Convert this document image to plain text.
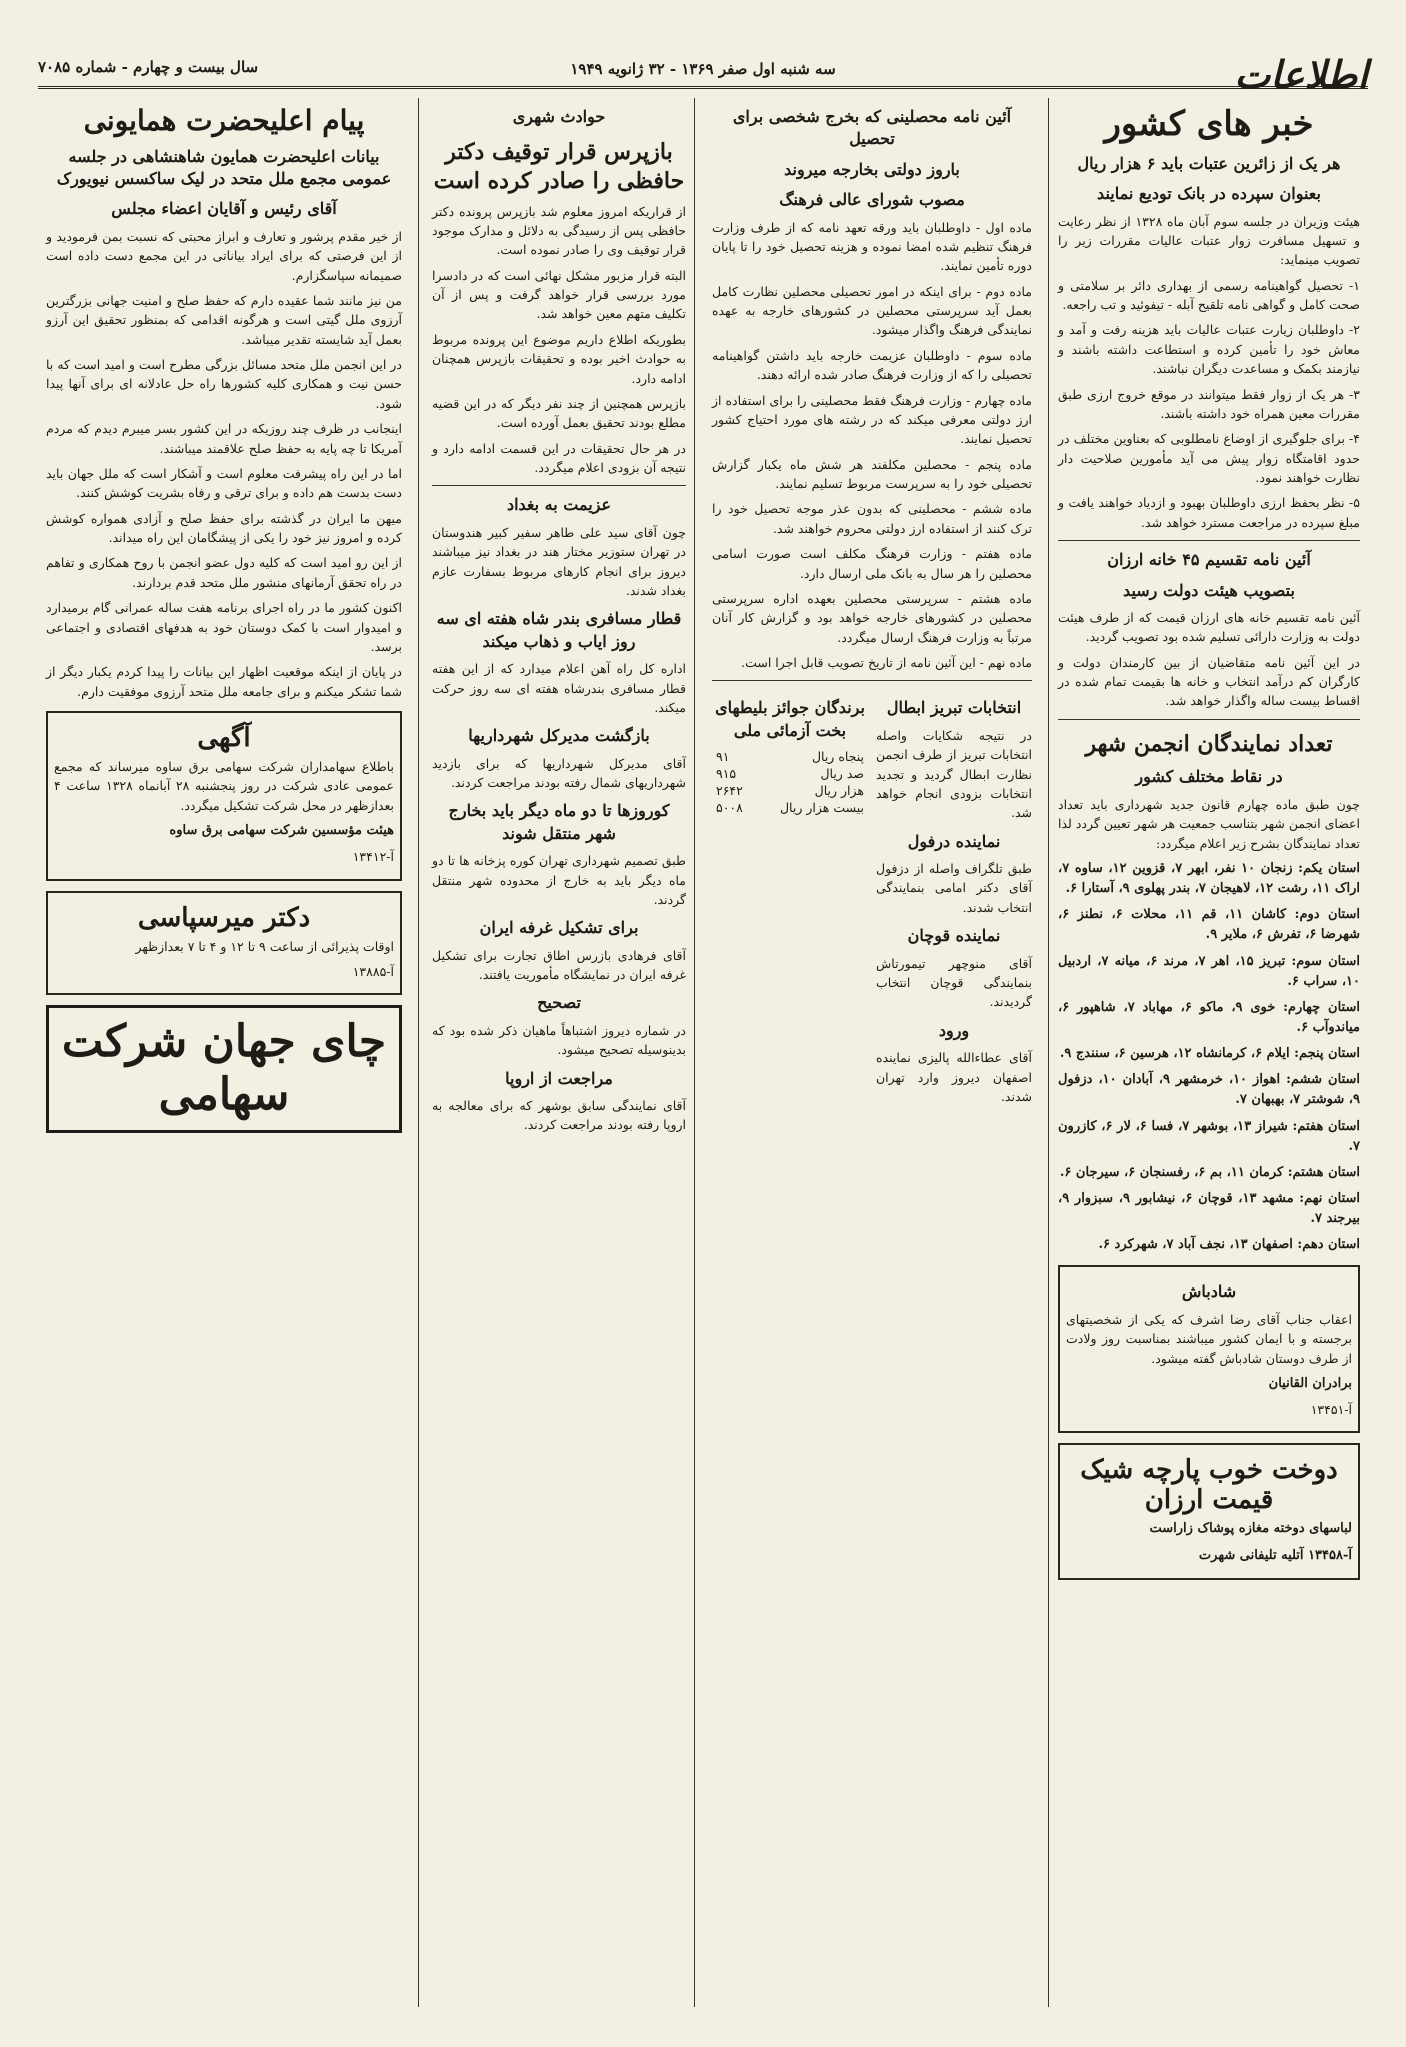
اطلاعات
سه شنبه اول صفر ۱۳۶۹ - ۳۲ ژانویه ۱۹۴۹
سال بیست و چهارم - شماره ۷۰۸۵
خبر های کشور
هر یک از زائرین عتبات باید ۶ هزار ریال
بعنوان سپرده در بانک تودیع نمایند

هیئت وزیران در جلسه سوم آبان ماه ۱۳۲۸ از نظر رعایت و تسهیل مسافرت زوار عتبات عالیات مقررات زیر را تصویب مینماید:

۱- تحصیل گواهینامه رسمی از بهداری دائر بر سلامتی و صحت کامل و گواهی نامه تلقیح آبله - تیفوئید و تب راجعه.

۲- داوطلبان زیارت عتبات عالیات باید هزینه رفت و آمد و معاش خود را تأمین کرده و استطاعت داشته باشند و نیازمند بکمک و مساعدت دیگران نباشند.

۳- هر یک از زوار فقط میتوانند در موقع خروج ارزی طبق مقررات معین همراه خود داشته باشند.

۴- برای جلوگیری از اوضاع نامطلوبی که بعناوین مختلف در حدود اقامتگاه زوار پیش می آید مأمورین صلاحیت دار نظارت خواهند نمود.

۵- نظر بحفظ ارزی داوطلبان بهبود و ازدیاد خواهند یافت و مبلغ سپرده در مراجعت مسترد خواهد شد.

آئین نامه تقسیم ۴۵ خانه ارزان
بتصویب هیئت دولت رسید

آئین نامه تقسیم خانه های ارزان قیمت که از طرف هیئت دولت به وزارت دارائی تسلیم شده بود تصویب گردید.

در این آئین نامه متقاضیان از بین کارمندان دولت و کارگران کم درآمد انتخاب و خانه ها بقیمت تمام شده در اقساط بیست ساله واگذار خواهد شد.

تعداد نمایندگان انجمن شهر
در نقاط مختلف کشور

چون طبق ماده چهارم قانون جدید شهرداری باید تعداد اعضای انجمن شهر بتناسب جمعیت هر شهر تعیین گردد لذا تعداد نمایندگان بشرح زیر اعلام میگردد:

استان یکم: زنجان ۱۰ نفر، ابهر ۷، قزوین ۱۲، ساوه ۷، اراک ۱۱، رشت ۱۲، لاهیجان ۷، بندر پهلوی ۹، آستارا ۶.

استان دوم: کاشان ۱۱، قم ۱۱، محلات ۶، نطنز ۶، شهرضا ۶، تفرش ۶، ملایر ۹.

استان سوم: تبریز ۱۵، اهر ۷، مرند ۶، میانه ۷، اردبیل ۱۰، سراب ۶.

استان چهارم: خوی ۹، ماکو ۶، مهاباد ۷، شاهپور ۶، میاندوآب ۶.

استان پنجم: ایلام ۶، کرمانشاه ۱۲، هرسین ۶، سنندج ۹.

استان ششم: اهواز ۱۰، خرمشهر ۹، آبادان ۱۰، دزفول ۹، شوشتر ۷، بهبهان ۷.

استان هفتم: شیراز ۱۳، بوشهر ۷، فسا ۶، لار ۶، کازرون ۷.

استان هشتم: کرمان ۱۱، بم ۶، رفسنجان ۶، سیرجان ۶.

استان نهم: مشهد ۱۳، قوچان ۶، نیشابور ۹، سبزوار ۹، بیرجند ۷.

استان دهم: اصفهان ۱۳، نجف آباد ۷، شهرکرد ۶.

شادباش

اعقاب جناب آقای رضا اشرف که یکی از شخصیتهای برجسته و با ایمان کشور میباشند بمناسبت روز ولادت از طرف دوستان شادباش گفته میشود.

برادران القانیان

آ-۱۳۴۵۱

دوخت خوب پارچه شیک قیمت ارزان

لباسهای دوخته مغازه پوشاک زاراست

آ-۱۳۴۵۸ آتلیه تلیفانی شهرت

آئین نامه محصلینی که بخرج شخصی برای تحصیل
باروز دولتی بخارجه میروند
مصوب شورای عالی فرهنگ

ماده اول - داوطلبان باید ورقه تعهد نامه که از طرف وزارت فرهنگ تنظیم شده امضا نموده و هزینه تحصیل خود را تا پایان دوره تأمین نمایند.

ماده دوم - برای اینکه در امور تحصیلی محصلین نظارت کامل بعمل آید سرپرستی محصلین در کشورهای خارجه به عهده نمایندگی فرهنگ واگذار میشود.

ماده سوم - داوطلبان عزیمت خارجه باید داشتن گواهینامه تحصیلی را که از وزارت فرهنگ صادر شده ارائه دهند.

ماده چهارم - وزارت فرهنگ فقط محصلینی را برای استفاده از ارز دولتی معرفی میکند که در رشته های مورد احتیاج کشور تحصیل نمایند.

ماده پنجم - محصلین مکلفند هر شش ماه یکبار گزارش تحصیلی خود را به سرپرست مربوط تسلیم نمایند.

ماده ششم - محصلینی که بدون عذر موجه تحصیل خود را ترک کنند از استفاده ارز دولتی محروم خواهند شد.

ماده هفتم - وزارت فرهنگ مکلف است صورت اسامی محصلین را هر سال به بانک ملی ارسال دارد.

ماده هشتم - سرپرستی محصلین بعهده اداره سرپرستی محصلین در کشورهای خارجه خواهد بود و گزارش کار آنان مرتباً به وزارت فرهنگ ارسال میگردد.

ماده نهم - این آئین نامه از تاریخ تصویب قابل اجرا است.

انتخابات تبریز ابطال

در نتیجه شکایات واصله انتخابات تبریز از طرف انجمن نظارت ابطال گردید و تجدید انتخابات بزودی انجام خواهد شد.

نماینده درفول

طبق تلگراف واصله از دزفول آقای دکتر امامی بنمایندگی انتخاب شدند.

نماینده قوچان

آقای منوچهر تیمورتاش بنمایندگی قوچان انتخاب گردیدند.

ورود

آقای عطاءالله پالیزی نماینده اصفهان دیروز وارد تهران شدند.

برندگان جوائز بلیطهای بخت آزمائی ملی
پنجاه ریال
۹۱
صد ریال
۹۱۵
هزار ریال
۲۶۴۲
بیست هزار ریال
۵۰۰۸
حوادث شهری
بازپرس قرار توقیف دکتر حافظی را صادر کرده است

از قراریکه امروز معلوم شد بازپرس پرونده دکتر حافظی پس از رسیدگی به دلائل و مدارک موجود قرار توقیف وی را صادر نموده است.

البته قرار مزبور مشکل نهائی است که در دادسرا مورد بررسی قرار خواهد گرفت و پس از آن تکلیف متهم معین خواهد شد.

بطوریکه اطلاع داریم موضوع این پرونده مربوط به حوادث اخیر بوده و تحقیقات بازپرس همچنان ادامه دارد.

بازپرس همچنین از چند نفر دیگر که در این قضیه مطلع بودند تحقیق بعمل آورده است.

در هر حال تحقیقات در این قسمت ادامه دارد و نتیجه آن بزودی اعلام میگردد.

عزیمت به بغداد

چون آقای سید علی طاهر سفیر کبیر هندوستان در تهران ستوزیر مختار هند در بغداد نیز میباشند دیروز برای انجام کارهای مربوط بسفارت عازم بغداد شدند.

قطار مسافری بندر شاه هفته ای سه روز ایاب و ذهاب میکند

اداره کل راه آهن اعلام میدارد که از این هفته قطار مسافری بندرشاه هفته ای سه روز حرکت میکند.

بازگشت مدیرکل شهرداریها

آقای مدیرکل شهرداریها که برای بازدید شهرداریهای شمال رفته بودند مراجعت کردند.

کوروزها تا دو ماه دیگر باید بخارج شهر منتقل شوند

طبق تصمیم شهرداری تهران کوره پزخانه ها تا دو ماه دیگر باید به خارج از محدوده شهر منتقل گردند.

برای تشکیل غرفه ایران

آقای فرهادی بازرس اطاق تجارت برای تشکیل غرفه ایران در نمایشگاه مأموریت یافتند.

تصحیح

در شماره دیروز اشتباهاً ماهیان ذکر شده بود که بدینوسیله تصحیح میشود.

مراجعت از اروپا

آقای نمایندگی سابق بوشهر که برای معالجه به اروپا رفته بودند مراجعت کردند.

پیام اعلیحضرت همایونی
بیانات اعلیحضرت همایون شاهنشاهی در جلسه عمومی مجمع ملل متحد در لیک ساکسس نیویورک
آقای رئیس و آقایان اعضاء مجلس

از خیر مقدم پرشور و تعارف و ابراز محبتی که نسبت بمن فرمودید و از این فرصتی که برای ایراد بیاناتی در این مجمع دست داده است صمیمانه سپاسگزارم.

من نیز مانند شما عقیده دارم که حفظ صلح و امنیت جهانی بزرگترین آرزوی ملل گیتی است و هرگونه اقدامی که بمنظور تحقیق این آرزو بعمل آید شایسته تقدیر میباشد.

در این انجمن ملل متحد مسائل بزرگی مطرح است و امید است که با حسن نیت و همکاری کلیه کشورها راه حل عادلانه ای برای آنها پیدا شود.

اینجانب در ظرف چند روزیکه در این کشور بسر میبرم دیدم که مردم آمریکا تا چه پایه به حفظ صلح علاقمند میباشند.

اما در این راه پیشرفت معلوم است و آشکار است که ملل جهان باید دست بدست هم داده و برای ترقی و رفاه بشریت کوشش کنند.

میهن ما ایران در گذشته برای حفظ صلح و آزادی همواره کوشش کرده و امروز نیز خود را یکی از پیشگامان این راه میداند.

از این رو امید است که کلیه دول عضو انجمن با روح همکاری و تفاهم در راه تحقق آرمانهای منشور ملل متحد قدم بردارند.

اکنون کشور ما در راه اجرای برنامه هفت ساله عمرانی گام برمیدارد و امیدوار است با کمک دوستان خود به هدفهای اقتصادی و اجتماعی برسد.

در پایان از اینکه موقعیت اظهار این بیانات را پیدا کردم یکبار دیگر از شما تشکر میکنم و برای جامعه ملل متحد آرزوی موفقیت دارم.

آگهی

باطلاع سهامداران شرکت سهامی برق ساوه میرساند که مجمع عمومی عادی شرکت در روز پنجشنبه ۲۸ آبانماه ۱۳۲۸ ساعت ۴ بعدازظهر در محل شرکت تشکیل میگردد.

هیئت مؤسسین شرکت سهامی برق ساوه

آ-۱۳۴۱۲

دکتر میرسپاسی

اوقات پذیرائی از ساعت ۹ تا ۱۲ و ۴ تا ۷ بعدازظهر

آ-۱۳۸۸۵

چای جهان شرکت سهامی
